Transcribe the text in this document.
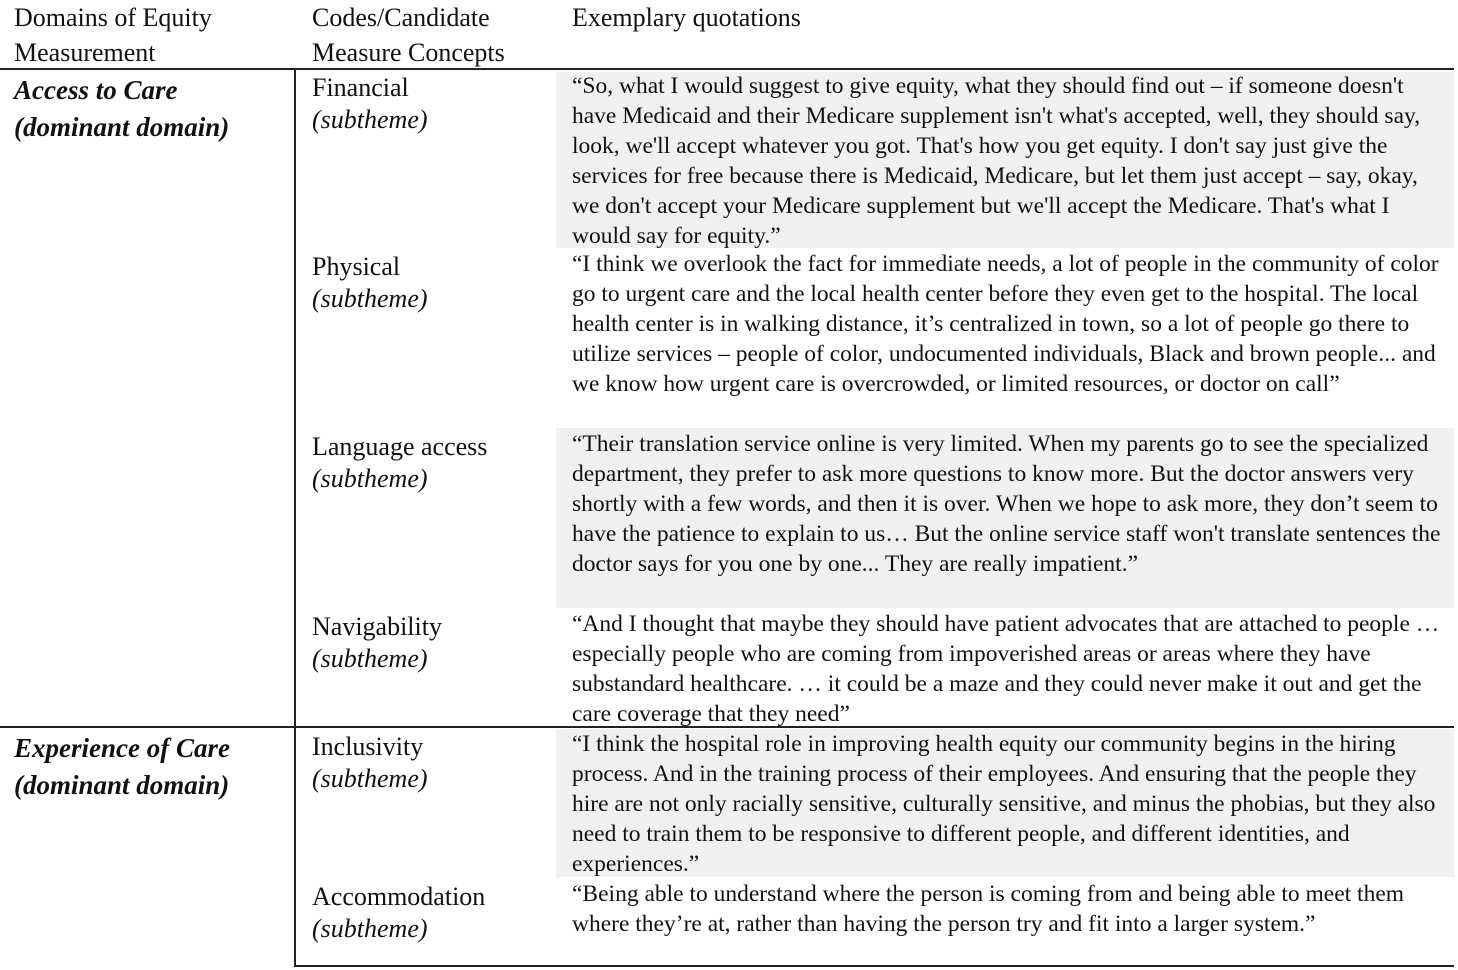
Domains of Equity Measurement
Codes/Candidate Measure Concepts
Exemplary quotations
Access to Care
(dominant domain)
Experience of Care
(dominant domain)
Financial
(subtheme)
“So, what I would suggest to give equity, what they should find out – if someone doesn't have Medicaid and their Medicare supplement isn't what's accepted, well, they should say, look, we'll accept whatever you got. That's how you get equity. I don't say just give the services for free because there is Medicaid, Medicare, but let them just accept – say, okay, we don't accept your Medicare supplement but we'll accept the Medicare. That's what I would say for equity.”
Physical
(subtheme)
“I think we overlook the fact for immediate needs, a lot of people in the community of color go to urgent care and the local health center before they even get to the hospital. The local health center is in walking distance, it’s centralized in town, so a lot of people go there to utilize services – people of color, undocumented individuals, Black and brown people... and we know how urgent care is overcrowded, or limited resources, or doctor on call”
Language access
(subtheme)
“Their translation service online is very limited. When my parents go to see the specialized department, they prefer to ask more questions to know more. But the doctor answers very shortly with a few words, and then it is over. When we hope to ask more, they don’t seem to have the patience to explain to us… But the online service staff won't translate sentences the doctor says for you one by one... They are really impatient.”
Navigability
(subtheme)
“And I thought that maybe they should have patient advocates that are attached to people …especially people who are coming from impoverished areas or areas where they have substandard healthcare. … it could be a maze and they could never make it out and get the care coverage that they need”
Inclusivity
(subtheme)
“I think the hospital role in improving health equity our community begins in the hiring process. And in the training process of their employees. And ensuring that the people they hire are not only racially sensitive, culturally sensitive, and minus the phobias, but they also need to train them to be responsive to different people, and different identities, and experiences.”
Accommodation
(subtheme)
“Being able to understand where the person is coming from and being able to meet them where they’re at, rather than having the person try and fit into a larger system.”
